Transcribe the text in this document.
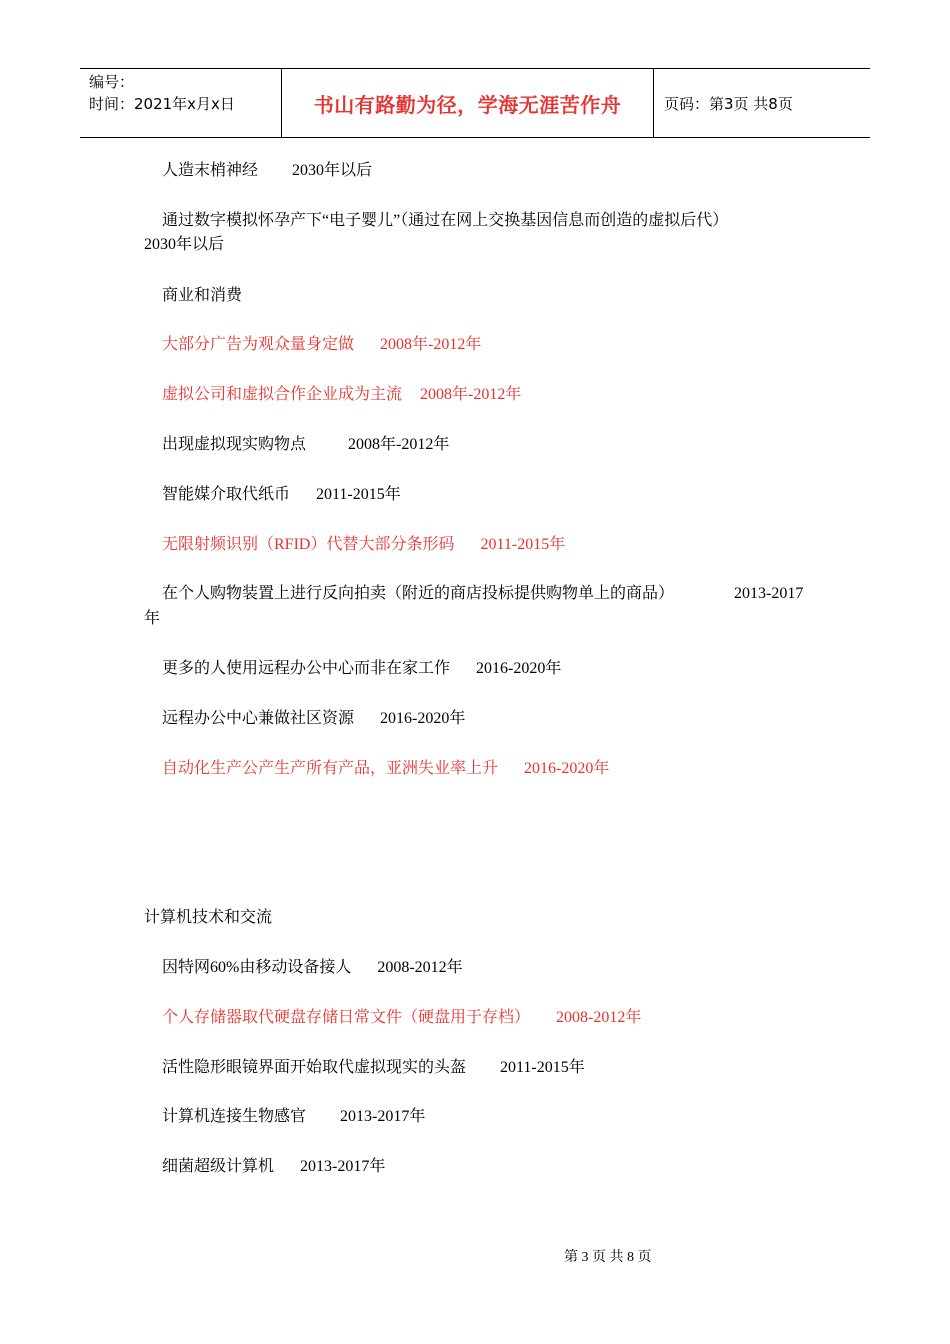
编号：
时间：2021年x月x日	书山有路勤为径，学海无涯苦作舟	页码：第3页 共8页
人造末梢神经 2030年以后
通过数字模拟怀孕产下“电子婴儿”（通过在网上交换基因信息而创造的虚拟后代）
2030年以后
商业和消费
大部分广告为观众量身定做 2008年-2012年
虚拟公司和虚拟合作企业成为主流 2008年-2012年
出现虚拟现实购物点	2008年-2012年
智能媒介取代纸币 2011-2015年
无限射频识别（RFID）代替大部分条形码 2011-2015年
在个人购物装置上进行反向拍卖（附近的商店投标提供购物单上的商品）	2013-2017
年
更多的人使用远程办公中心而非在家工作 2016-2020年
远程办公中心兼做社区资源 2016-2020年
自动化生产公产生产所有产品，亚洲失业率上升 2016-2020年
计算机技术和交流
因特网60%由移动设备接人 2008-2012年
个人存储器取代硬盘存储日常文件（硬盘用于存档） 2008-2012年
活性隐形眼镜界面开始取代虚拟现实的头盔 2011-2015年
计算机连接生物感官 2013-2017年
细菌超级计算机 2013-2017年
第 3 页 共 8 页
